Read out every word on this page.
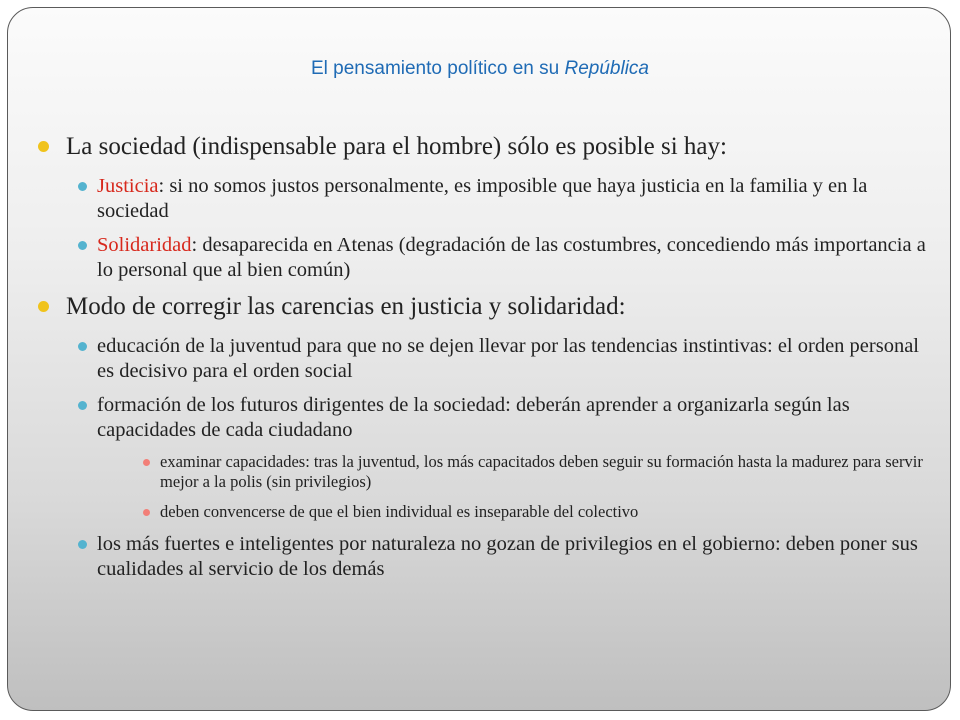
El pensamiento político en su República
La sociedad (indispensable para el hombre) sólo es posible si hay:
Justicia: si no somos justos personalmente, es imposible que haya justicia en la familia y en la sociedad
Solidaridad: desaparecida en Atenas (degradación de las costumbres, concediendo más importancia a lo personal que al bien común)
Modo de corregir las carencias en justicia y solidaridad:
educación de la juventud para que no se dejen llevar por las tendencias instintivas: el orden personal es decisivo para el orden social
formación de los futuros dirigentes de la sociedad: deberán aprender a organizarla según las capacidades de cada ciudadano
examinar capacidades: tras la juventud, los más capacitados deben seguir su formación hasta la madurez para servir mejor a la polis (sin privilegios)
deben convencerse de que el bien individual es inseparable del colectivo
los más fuertes e inteligentes por naturaleza no gozan de privilegios en el gobierno: deben poner sus cualidades al servicio de los demás
